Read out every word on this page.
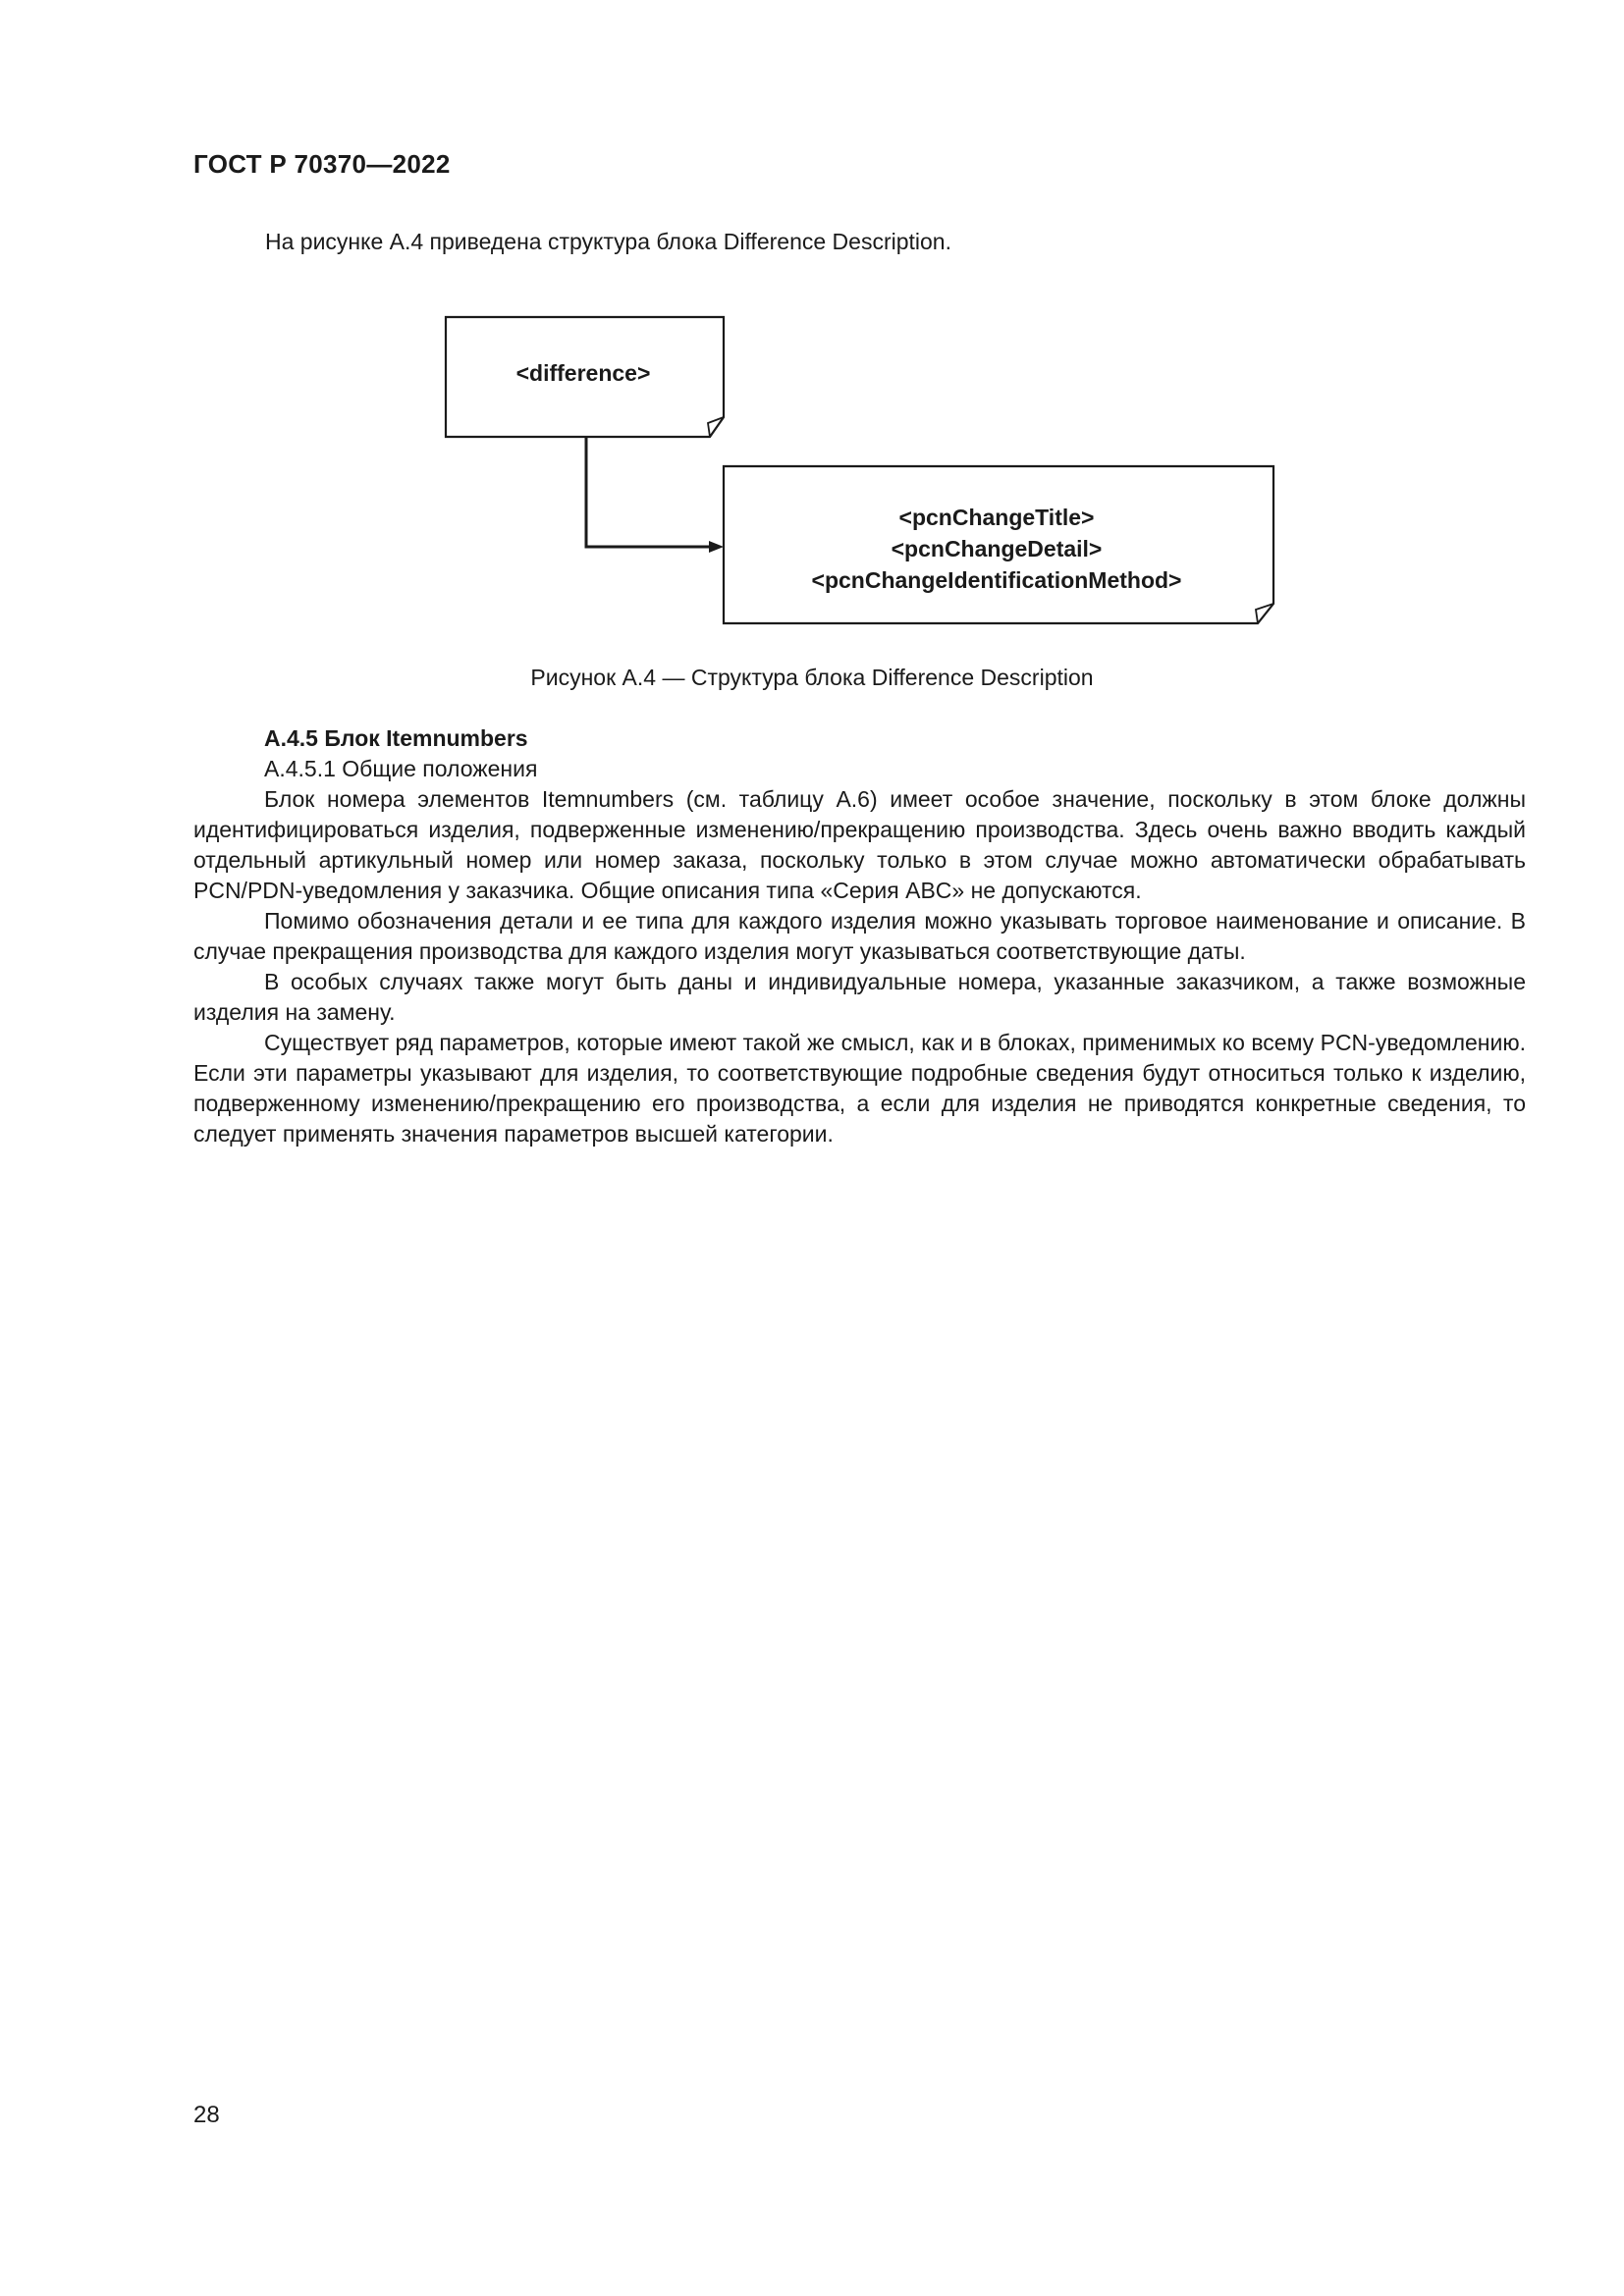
ГОСТ Р 70370—2022
На рисунке А.4 приведена структура блока Difference Description.
<difference>
<pcnChangeTitle>
<pcnChangeDetail>
<pcnChangeIdentificationMethod>
Рисунок А.4 — Структура блока Difference Description
А.4.5 Блок Itemnumbers
А.4.5.1 Общие положения

Блок номера элементов Itemnumbers (см. таблицу А.6) имеет особое значение, поскольку в этом блоке должны идентифицироваться изделия, подверженные изменению/прекращению производства. Здесь очень важно вводить каждый отдельный артикульный номер или номер заказа, поскольку только в этом случае можно автоматически обрабатывать PCN/PDN-уведомления у заказчика. Общие описания типа «Серия ABC» не допускаются.

Помимо обозначения детали и ее типа для каждого изделия можно указывать торговое наименование и описание. В случае прекращения производства для каждого изделия могут указываться соответствующие даты.

В особых случаях также могут быть даны и индивидуальные номера, указанные заказчиком, а также возможные изделия на замену.

Существует ряд параметров, которые имеют такой же смысл, как и в блоках, применимых ко всему PCN-уведомлению. Если эти параметры указывают для изделия, то соответствующие подробные сведения будут относиться только к изделию, подверженному изменению/прекращению его производства, а если для изделия не приводятся конкретные сведения, то следует применять значения параметров высшей категории.

28
